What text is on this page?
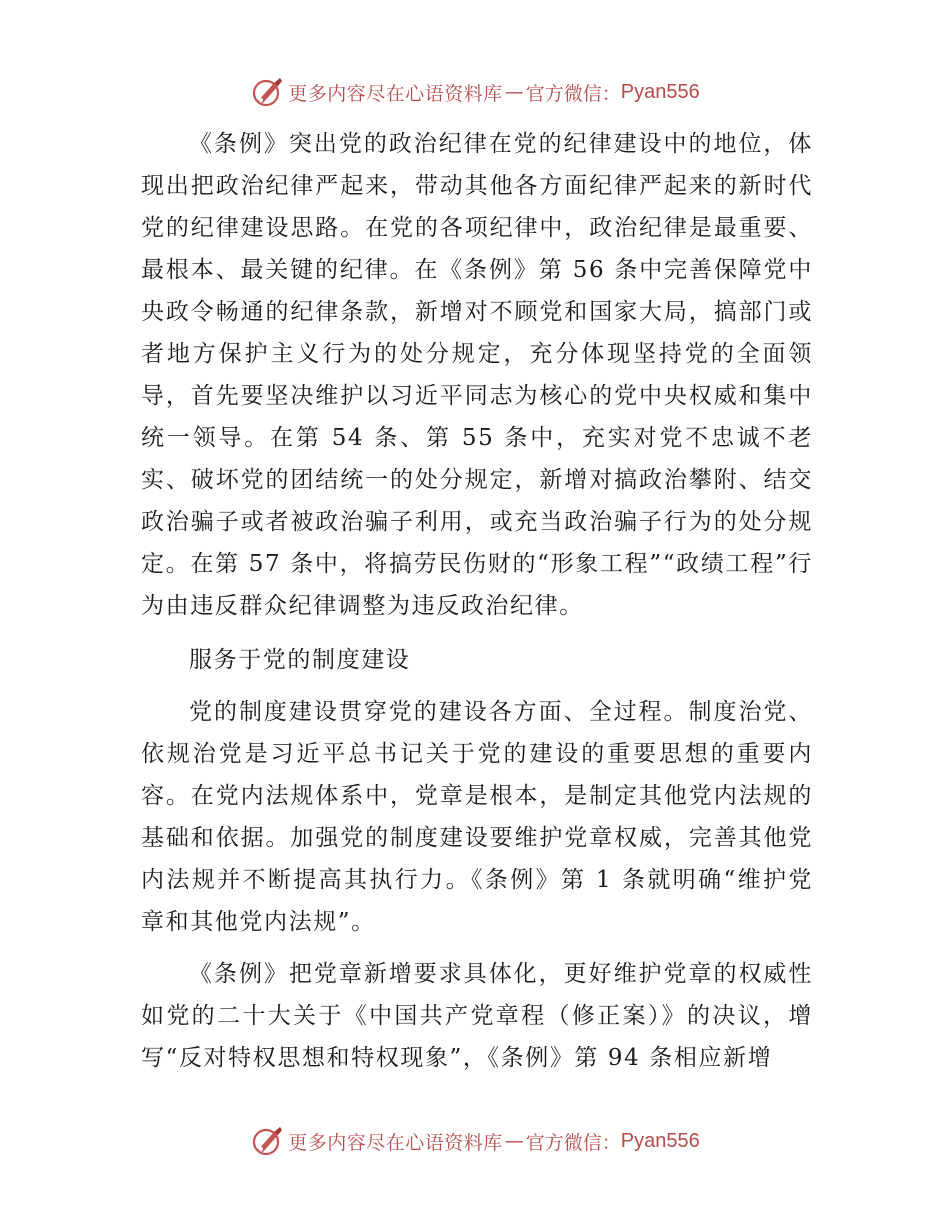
更多内容尽在心语资料库 — 官方微信： Pyan556

《条例》突出党的政治纪律在党的纪律建设中的地位，体现出把政治纪律严起来，带动其他各方面纪律严起来的新时代党的纪律建设思路。在党的各项纪律中，政治纪律是最重要、最根本、最关键的纪律。在《条例》第 56 条中完善保障党中央政令畅通的纪律条款，新增对不顾党和国家大局，搞部门或者地方保护主义行为的处分规定，充分体现坚持党的全面领导，首先要坚决维护以习近平同志为核心的党中央权威和集中统一领导。在第 54 条、第 55 条中，充实对党不忠诚不老实、破坏党的团结统一的处分规定，新增对搞政治攀附、结交政治骗子或者被政治骗子利用，或充当政治骗子行为的处分规定。在第 57 条中，将搞劳民伤财的“形象工程”“政绩工程”行为由违反群众纪律调整为违反政治纪律。

服务于党的制度建设

党的制度建设贯穿党的建设各方面、全过程。制度治党、依规治党是习近平总书记关于党的建设的重要思想的重要内容。在党内法规体系中，党章是根本，是制定其他党内法规的基础和依据。加强党的制度建设要维护党章权威，完善其他党内法规并不断提高其执行力。《条例》第 1 条就明确“维护党章和其他党内法规”。

《条例》把党章新增要求具体化，更好维护党章的权威性如党的二十大关于《中国共产党章程（修正案）》的决议，增写“反对特权思想和特权现象”，《条例》第 94 条相应新增

更多内容尽在心语资料库 — 官方微信： Pyan556
